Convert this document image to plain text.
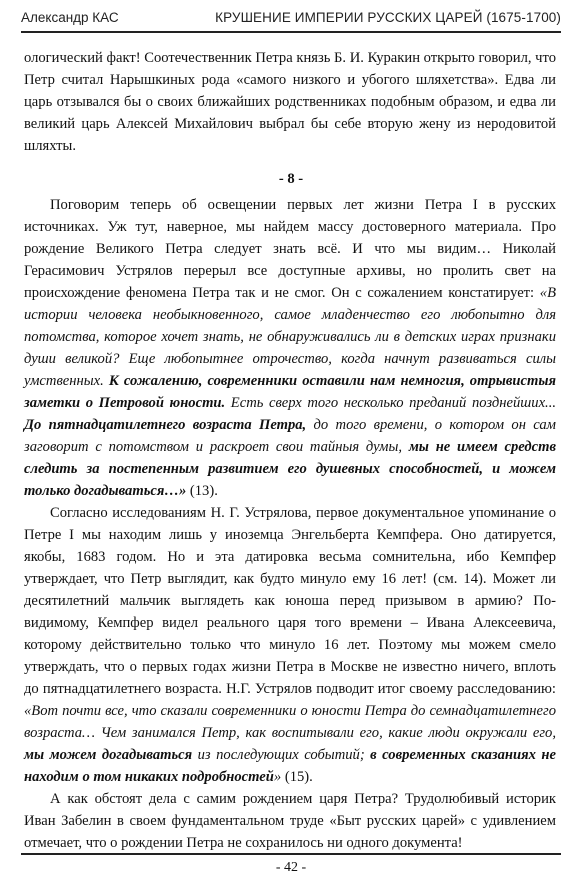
Александр КАС	КРУШЕНИЕ ИМПЕРИИ РУССКИХ ЦАРЕЙ (1675-1700)

ологический факт! Соотечественник Петра князь Б. И. Куракин открыто говорил, что Петр считал Нарышкиных рода «самого низкого и убогого шляхетства». Едва ли царь отзывался бы о своих ближайших родственниках подобным образом, и едва ли великий царь Алексей Михайлович выбрал бы себе вторую жену из неродовитой шляхты.

- 8 -

Поговорим теперь об освещении первых лет жизни Петра I в русских источниках. Уж тут, наверное, мы найдем массу достоверного материала. Про рождение Великого Петра следует знать всё. И что мы видим… Николай Герасимович Устрялов перерыл все доступные архивы, но пролить свет на происхождение феномена Петра так и не смог. Он с сожалением констатирует: «В истории человека необыкновенного, самое младенчество его любопытно для потомства, которое хочет знать, не обнаруживались ли в детских играх признаки души великой? Еще любопытнее отрочество, когда начнут развиваться силы умственных. К сожалению, современники оставили нам немногия, отрывистыя заметки о Петровой юности. Есть сверх того несколько преданий позднейших... До пятнадцатилетнего возраста Петра, до того времени, о котором он сам заговорит с потомством и раскроет свои тайныя думы, мы не имеем средств следить за постепенным развитием его душевных способностей, и можем только догадываться…» (13).

Согласно исследованиям Н. Г. Устрялова, первое документальное упоминание о Петре I мы находим лишь у иноземца Энгельберта Кемпфера. Оно датируется, якобы, 1683 годом. Но и эта датировка весьма сомнительна, ибо Кемпфер утверждает, что Петр выглядит, как будто минуло ему 16 лет! (см. 14). Может ли десятилетний мальчик выглядеть как юноша перед призывом в армию? По-видимому, Кемпфер видел реального царя того времени – Ивана Алексеевича, которому действительно только что минуло 16 лет. Поэтому мы можем смело утверждать, что о первых годах жизни Петра в Москве не известно ничего, вплоть до пятнадцатилетнего возраста. Н.Г. Устрялов подводит итог своему расследованию: «Вот почти все, что сказали современники о юности Петра до семнадцатилетнего возраста… Чем занимался Петр, как воспитывали его, какие люди окружали его, мы можем догадываться из последующих событий; в современных сказаниях не находим о том никаких подробностей» (15).

А как обстоят дела с самим рождением царя Петра? Трудолюбивый историк Иван Забелин в своем фундаментальном труде «Быт русских царей» с удивлением отмечает, что о рождении Петра не сохранилось ни одного документа!

- 42 -
